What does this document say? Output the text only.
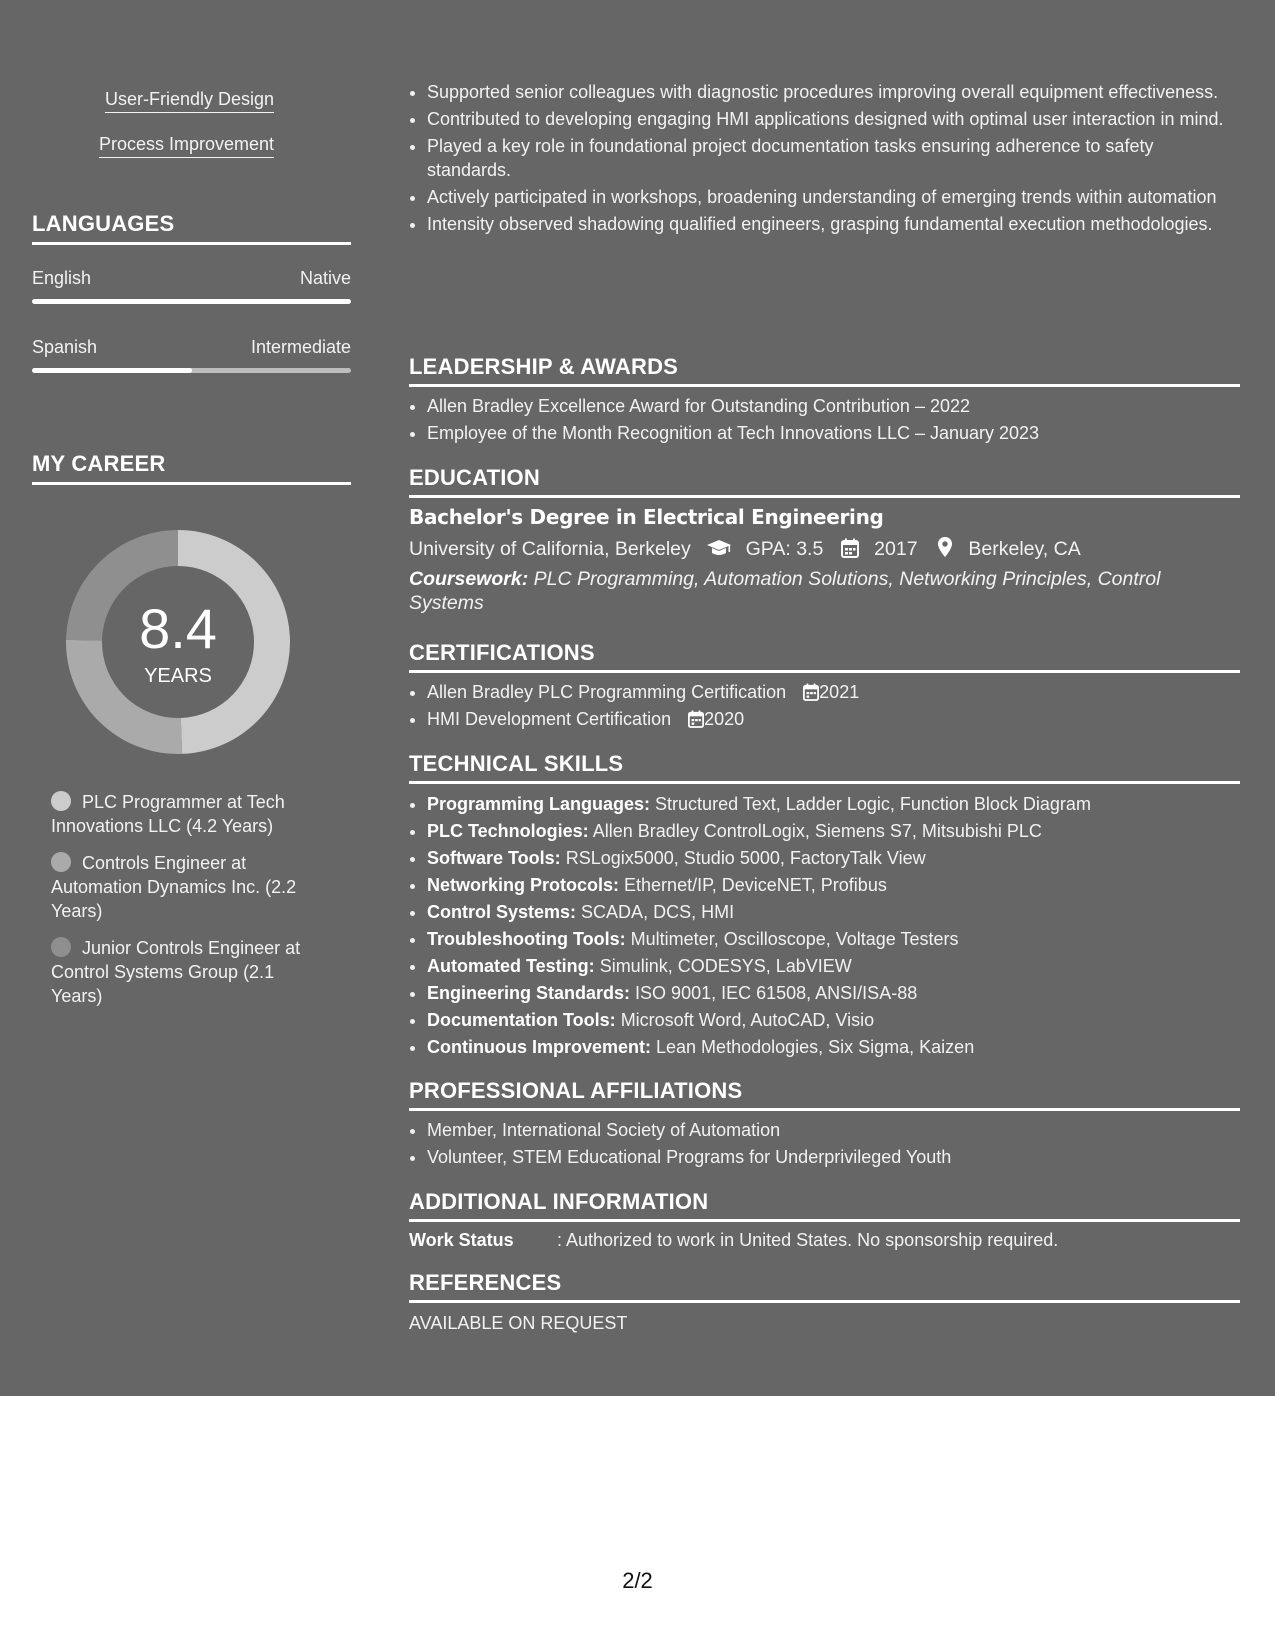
User-Friendly Design
Process Improvement
LANGUAGES
English	Native
Spanish	Intermediate
MY CAREER
8.4
YEARS
PLC Programmer at Tech Innovations LLC (4.2 Years)
Controls Engineer at Automation Dynamics Inc. (2.2 Years)
Junior Controls Engineer at Control Systems Group (2.1 Years)
• Supported senior colleagues with diagnostic procedures improving overall equipment effectiveness.
• Contributed to developing engaging HMI applications designed with optimal user interaction in mind.
• Played a key role in foundational project documentation tasks ensuring adherence to safety standards.
• Actively participated in workshops, broadening understanding of emerging trends within automation
• Intensity observed shadowing qualified engineers, grasping fundamental execution methodologies.
LEADERSHIP & AWARDS
• Allen Bradley Excellence Award for Outstanding Contribution – 2022
• Employee of the Month Recognition at Tech Innovations LLC – January 2023
EDUCATION
Bachelor's Degree in Electrical Engineering
University of California, Berkeley	GPA: 3.5	2017	Berkeley, CA
Coursework: PLC Programming, Automation Solutions, Networking Principles, Control Systems
CERTIFICATIONS
• Allen Bradley PLC Programming Certification 2021
• HMI Development Certification 2020
TECHNICAL SKILLS
• Programming Languages: Structured Text, Ladder Logic, Function Block Diagram
• PLC Technologies: Allen Bradley ControlLogix, Siemens S7, Mitsubishi PLC
• Software Tools: RSLogix5000, Studio 5000, FactoryTalk View
• Networking Protocols: Ethernet/IP, DeviceNET, Profibus
• Control Systems: SCADA, DCS, HMI
• Troubleshooting Tools: Multimeter, Oscilloscope, Voltage Testers
• Automated Testing: Simulink, CODESYS, LabVIEW
• Engineering Standards: ISO 9001, IEC 61508, ANSI/ISA-88
• Documentation Tools: Microsoft Word, AutoCAD, Visio
• Continuous Improvement: Lean Methodologies, Six Sigma, Kaizen
PROFESSIONAL AFFILIATIONS
• Member, International Society of Automation
• Volunteer, STEM Educational Programs for Underprivileged Youth
ADDITIONAL INFORMATION
Work Status : Authorized to work in United States. No sponsorship required.
REFERENCES
AVAILABLE ON REQUEST
2/2
